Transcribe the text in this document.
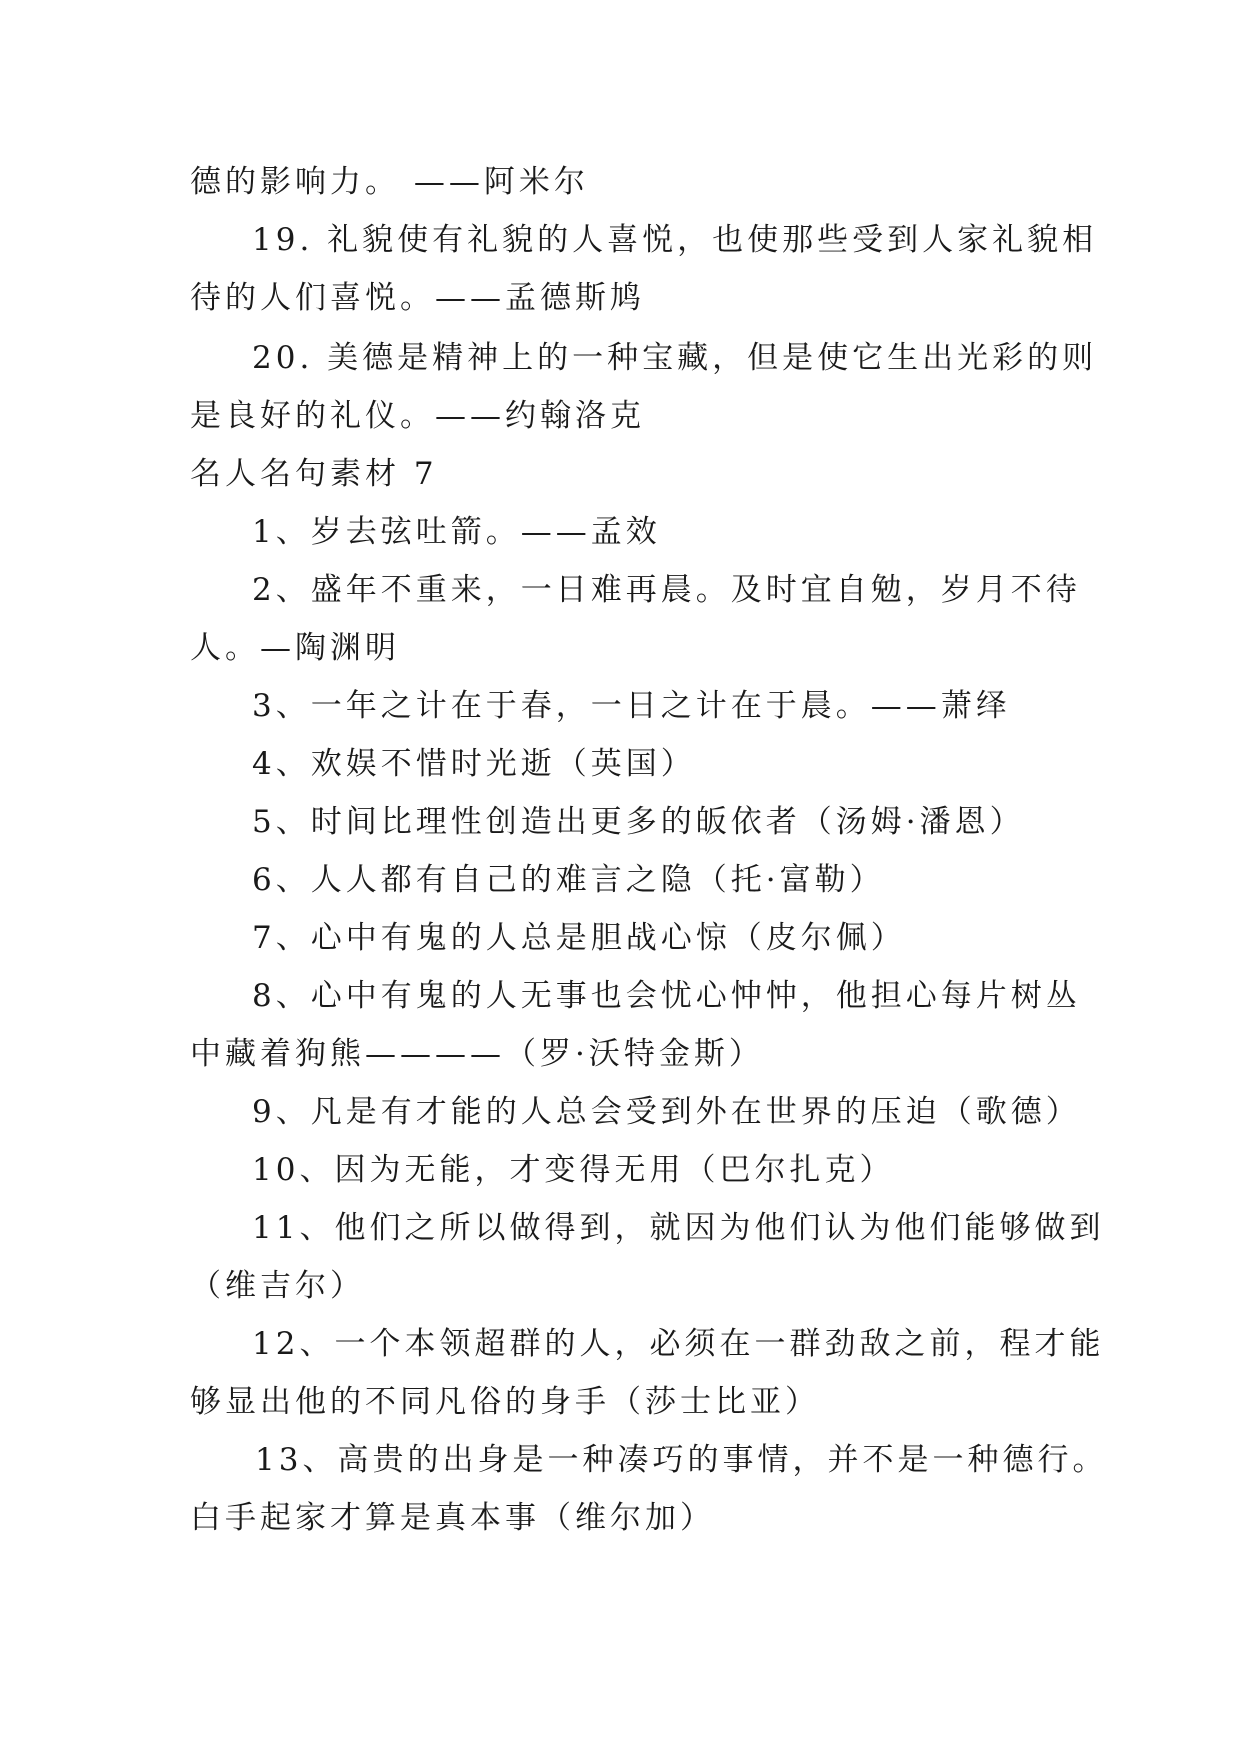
德的影响力。 ——阿米尔
19. 礼貌使有礼貌的人喜悦，也使那些受到人家礼貌相
待的人们喜悦。——孟德斯鸠
20. 美德是精神上的一种宝藏，但是使它生出光彩的则
是良好的礼仪。——约翰洛克
名人名句素材 7
1、岁去弦吐箭。——孟效
2、盛年不重来，一日难再晨。及时宜自勉，岁月不待
人。—陶渊明
3、一年之计在于春，一日之计在于晨。——萧绎
4、欢娱不惜时光逝（英国）
5、时间比理性创造出更多的皈依者（汤姆·潘恩）
6、人人都有自己的难言之隐（托·富勒）
7、心中有鬼的人总是胆战心惊（皮尔佩）
8、心中有鬼的人无事也会忧心忡忡，他担心每片树丛
中藏着狗熊————（罗·沃特金斯）
9、凡是有才能的人总会受到外在世界的压迫（歌德）
10、因为无能，才变得无用（巴尔扎克）
11、他们之所以做得到，就因为他们认为他们能够做到
（维吉尔）
12、一个本领超群的人，必须在一群劲敌之前，程才能
够显出他的不同凡俗的身手（莎士比亚）
13、高贵的出身是一种凑巧的事情，并不是一种德行。
白手起家才算是真本事（维尔加）
